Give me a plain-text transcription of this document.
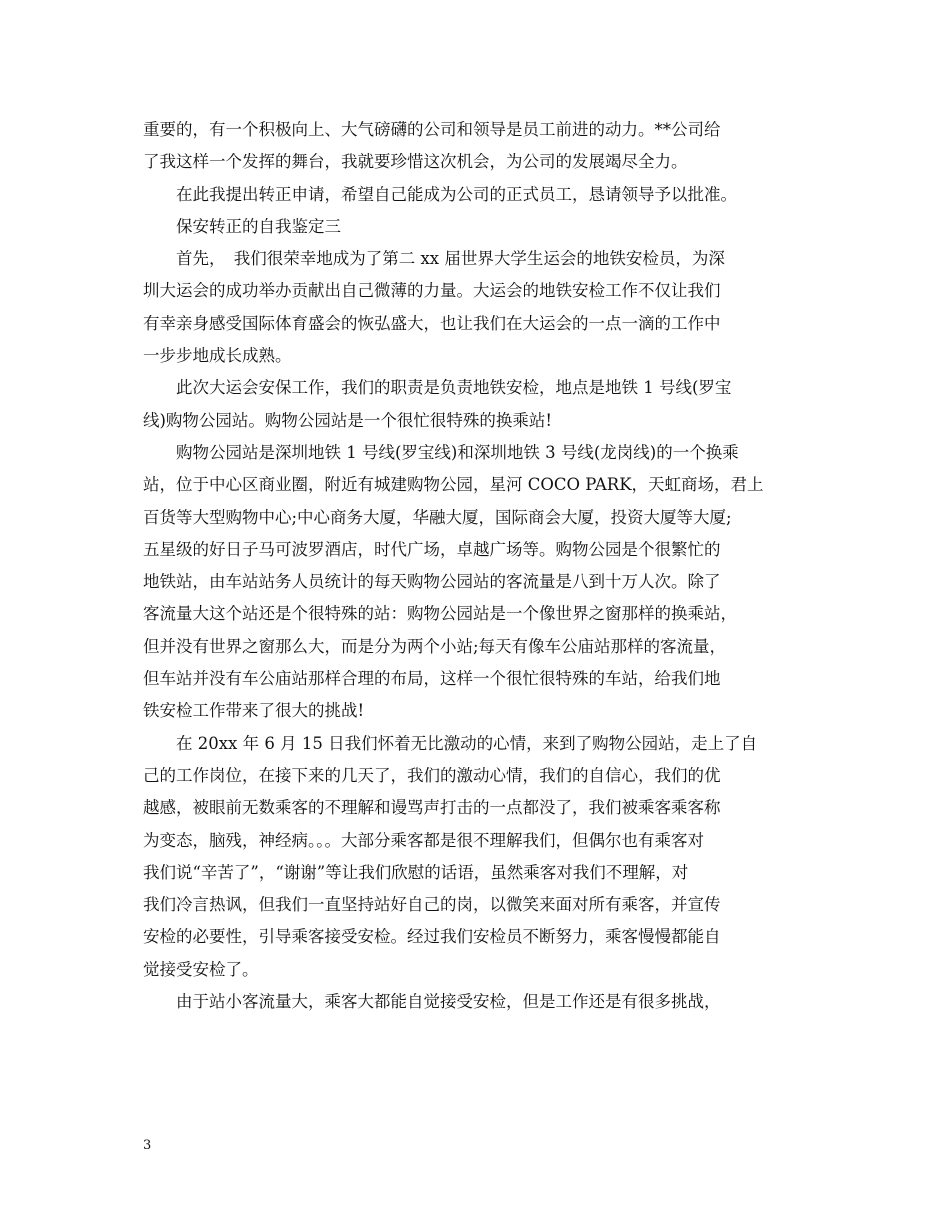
重要的，有一个积极向上、大气磅礴的公司和领导是员工前进的动力。**公司给
了我这样一个发挥的舞台，我就要珍惜这次机会，为公司的发展竭尽全力。
在此我提出转正申请，希望自己能成为公司的正式员工，恳请领导予以批准。
保安转正的自我鉴定三
首先，　我们很荣幸地成为了第二 xx 届世界大学生运会的地铁安检员，为深
圳大运会的成功举办贡献出自己微薄的力量。大运会的地铁安检工作不仅让我们
有幸亲身感受国际体育盛会的恢弘盛大，也让我们在大运会的一点一滴的工作中
一步步地成长成熟。
此次大运会安保工作，我们的职责是负责地铁安检，地点是地铁 1 号线(罗宝
线)购物公园站。购物公园站是一个很忙很特殊的换乘站!
购物公园站是深圳地铁 1 号线(罗宝线)和深圳地铁 3 号线(龙岗线)的一个换乘
站，位于中心区商业圈，附近有城建购物公园，星河 COCO PARK，天虹商场，君上
百货等大型购物中心;中心商务大厦，华融大厦，国际商会大厦，投资大厦等大厦;
五星级的好日子马可波罗酒店，时代广场，卓越广场等。购物公园是个很繁忙的
地铁站，由车站站务人员统计的每天购物公园站的客流量是八到十万人次。除了
客流量大这个站还是个很特殊的站：购物公园站是一个像世界之窗那样的换乘站，
但并没有世界之窗那么大，而是分为两个小站;每天有像车公庙站那样的客流量，
但车站并没有车公庙站那样合理的布局，这样一个很忙很特殊的车站，给我们地
铁安检工作带来了很大的挑战!
在 20xx 年 6 月 15 日我们怀着无比激动的心情，来到了购物公园站，走上了自
己的工作岗位，在接下来的几天了，我们的激动心情，我们的自信心，我们的优
越感，被眼前无数乘客的不理解和谩骂声打击的一点都没了，我们被乘客乘客称
为变态，脑残，神经病。。。大部分乘客都是很不理解我们，但偶尔也有乘客对
我们说“辛苦了”，“谢谢”等让我们欣慰的话语，虽然乘客对我们不理解，对
我们冷言热讽，但我们一直坚持站好自己的岗，以微笑来面对所有乘客，并宣传
安检的必要性，引导乘客接受安检。经过我们安检员不断努力，乘客慢慢都能自
觉接受安检了。
由于站小客流量大，乘客大都能自觉接受安检，但是工作还是有很多挑战，
3
